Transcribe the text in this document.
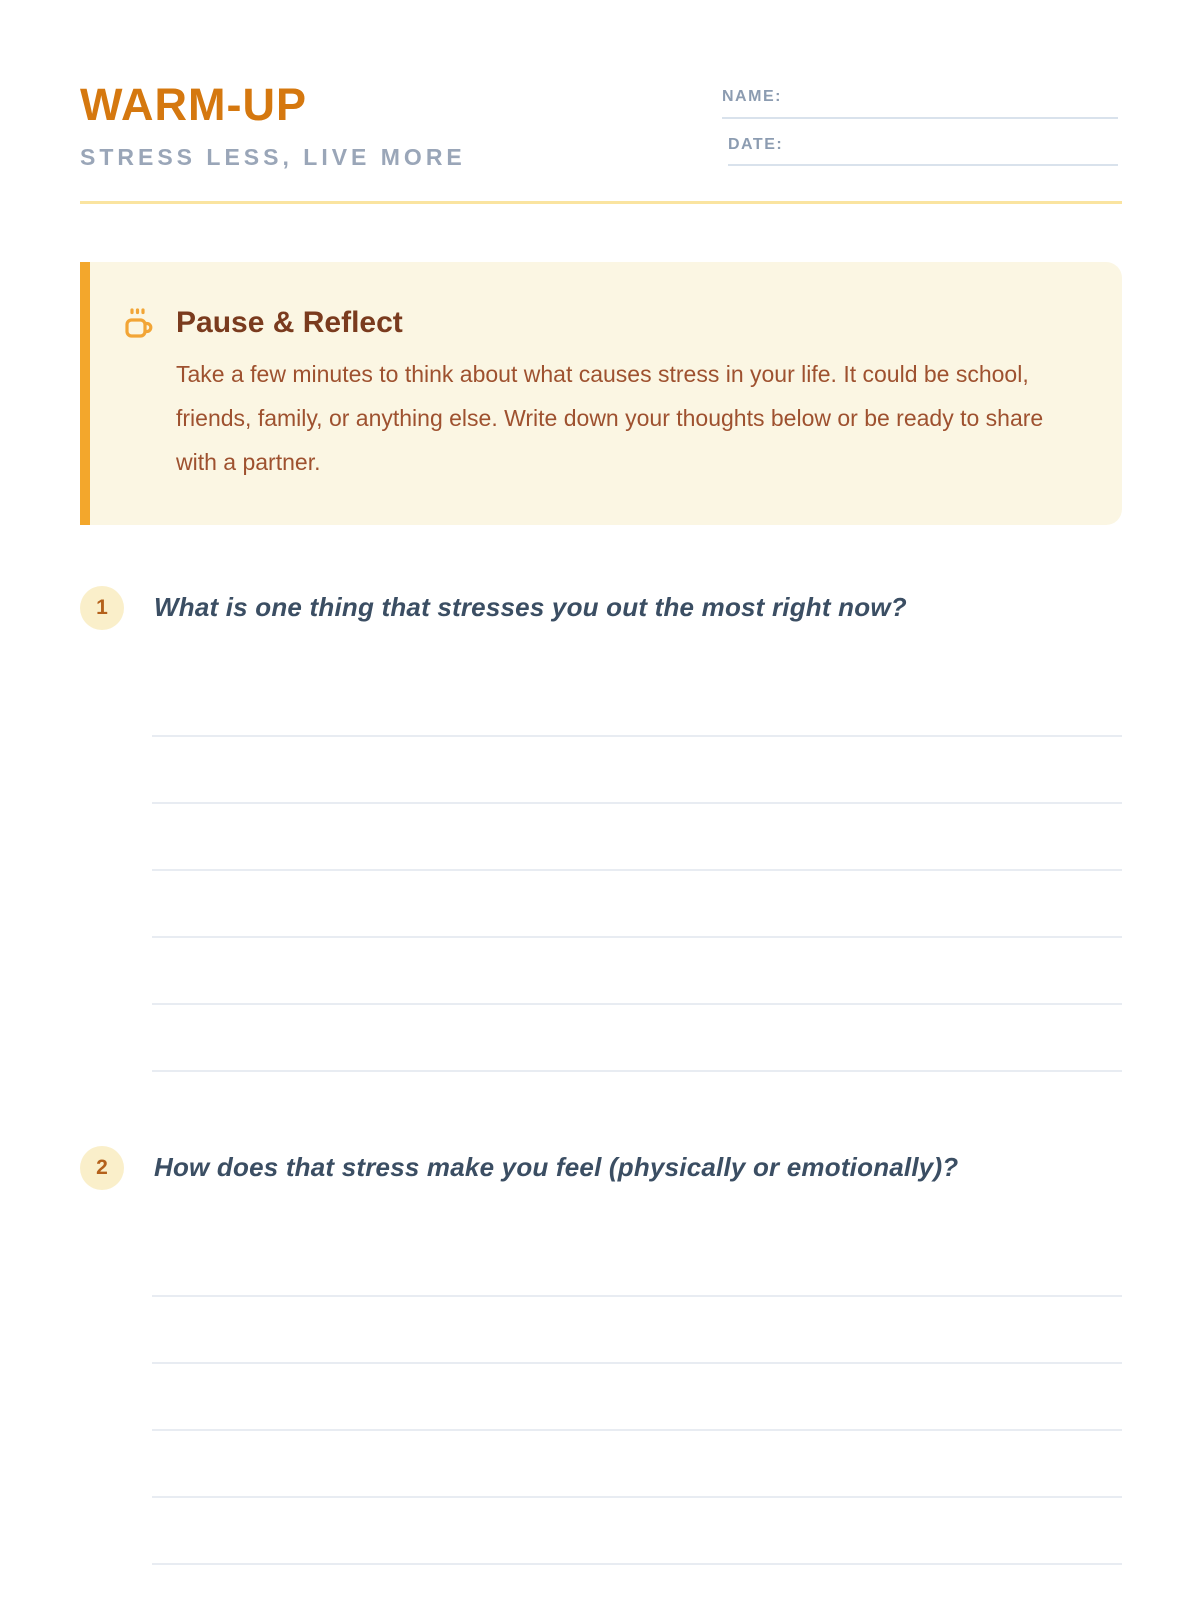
WARM-UP
STRESS LESS, LIVE MORE
NAME:
DATE:
Pause & Reflect

Take a few minutes to think about what causes stress in your life. It could be school, friends, family, or anything else. Write down your thoughts below or be ready to share with a partner.

1	What is one thing that stresses you out the most right now?
2	How does that stress make you feel (physically or emotionally)?
